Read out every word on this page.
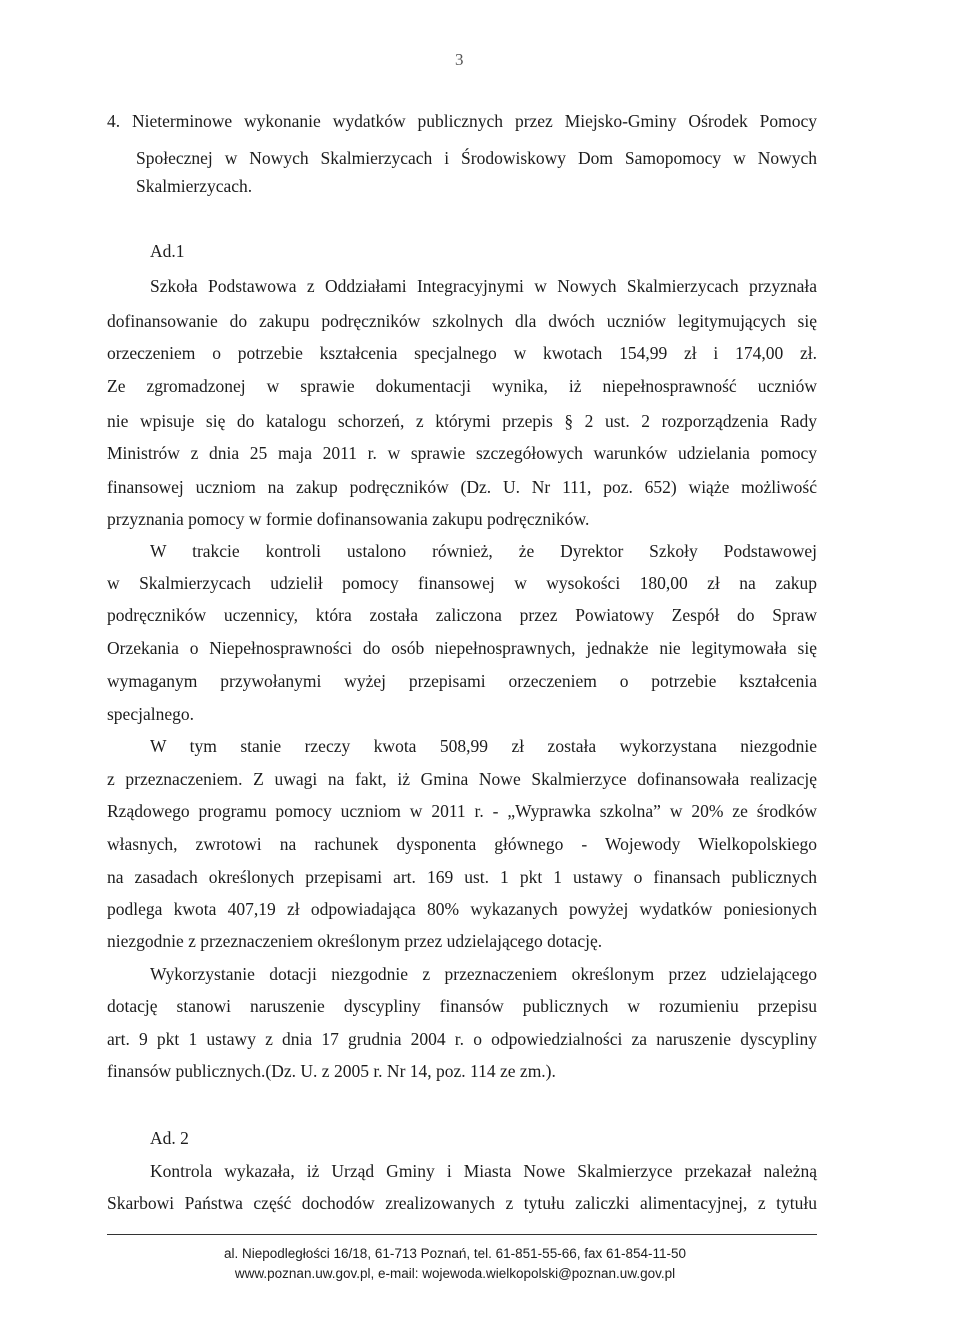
3
4. Nieterminowe wykonanie wydatków publicznych przez Miejsko-Gminy Ośrodek Pomocy
Społecznej w Nowych Skalmierzycach i Środowiskowy Dom Samopomocy w Nowych
Skalmierzycach.
Ad.1
Szkoła Podstawowa z Oddziałami Integracyjnymi w Nowych Skalmierzycach przyznała
dofinansowanie do zakupu podręczników szkolnych dla dwóch uczniów legitymujących się
orzeczeniem o potrzebie kształcenia specjalnego w kwotach 154,99 zł i 174,00 zł.
Ze zgromadzonej w sprawie dokumentacji wynika, iż niepełnosprawność uczniów
nie wpisuje się do katalogu schorzeń, z którymi przepis § 2 ust. 2 rozporządzenia Rady
Ministrów z dnia 25 maja 2011 r. w sprawie szczegółowych warunków udzielania pomocy
finansowej uczniom na zakup podręczników (Dz. U. Nr 111, poz. 652) wiąże możliwość
przyznania pomocy w formie dofinansowania zakupu podręczników.
W trakcie kontroli ustalono również, że Dyrektor Szkoły Podstawowej
w Skalmierzycach udzielił pomocy finansowej w wysokości 180,00 zł na zakup
podręczników uczennicy, która została zaliczona przez Powiatowy Zespół do Spraw
Orzekania o Niepełnosprawności do osób niepełnosprawnych, jednakże nie legitymowała się
wymaganym przywołanymi wyżej przepisami orzeczeniem o potrzebie kształcenia
specjalnego.
W tym stanie rzeczy kwota 508,99 zł została wykorzystana niezgodnie
z przeznaczeniem. Z uwagi na fakt, iż Gmina Nowe Skalmierzyce dofinansowała realizację
Rządowego programu pomocy uczniom w 2011 r. - „Wyprawka szkolna” w 20% ze środków
własnych, zwrotowi na rachunek dysponenta głównego - Wojewody Wielkopolskiego
na zasadach określonych przepisami art. 169 ust. 1 pkt 1 ustawy o finansach publicznych
podlega kwota 407,19 zł odpowiadająca 80% wykazanych powyżej wydatków poniesionych
niezgodnie z przeznaczeniem określonym przez udzielającego dotację.
Wykorzystanie dotacji niezgodnie z przeznaczeniem określonym przez udzielającego
dotację stanowi naruszenie dyscypliny finansów publicznych w rozumieniu przepisu
art. 9 pkt 1 ustawy z dnia 17 grudnia 2004 r. o odpowiedzialności za naruszenie dyscypliny
finansów publicznych.(Dz. U. z 2005 r. Nr 14, poz. 114 ze zm.).
Ad. 2
Kontrola wykazała, iż Urząd Gminy i Miasta Nowe Skalmierzyce przekazał należną
Skarbowi Państwa część dochodów zrealizowanych z tytułu zaliczki alimentacyjnej, z tytułu
al. Niepodległości 16/18, 61-713 Poznań, tel. 61-851-55-66, fax 61-854-11-50
www.poznan.uw.gov.pl, e-mail: wojewoda.wielkopolski@poznan.uw.gov.pl
